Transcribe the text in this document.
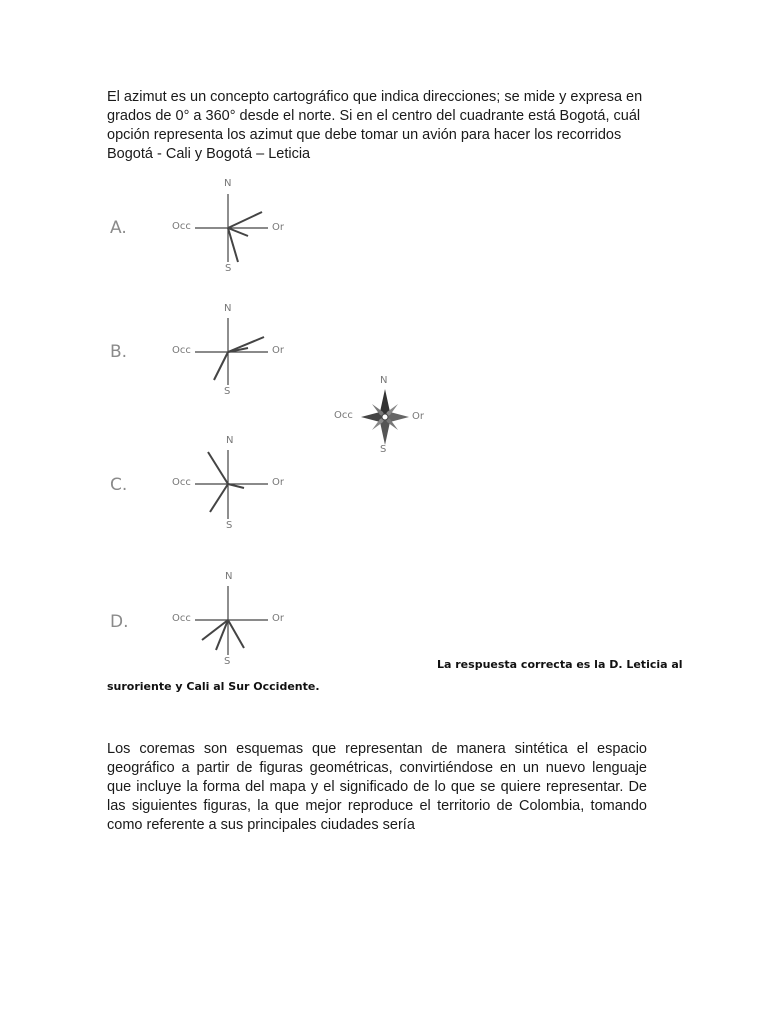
El azimut es un concepto cartográfico que indica direcciones; se mide y expresa en grados de 0° a 360° desde el norte. Si en el centro del cuadrante está Bogotá, cuál opción representa los azimut que debe tomar un avión para hacer los recorridos Bogotá - Cali y Bogotá – Leticia

A.
B.
C.
D.
N
Occ	Or
S
N
Occ	Or
S
N
Occ	Or
S
N
Occ	Or
S
N
Occ	Or
S
La respuesta correcta es la D. Leticia al
suroriente y Cali al Sur Occidente.

Los coremas son esquemas que representan de manera sintética el espacio geográfico a partir de figuras geométricas, convirtiéndose en un nuevo lenguaje que incluye la forma del mapa y el significado de lo que se quiere representar. De las siguientes figuras, la que mejor reproduce el territorio de Colombia, tomando como referente a sus principales ciudades sería
